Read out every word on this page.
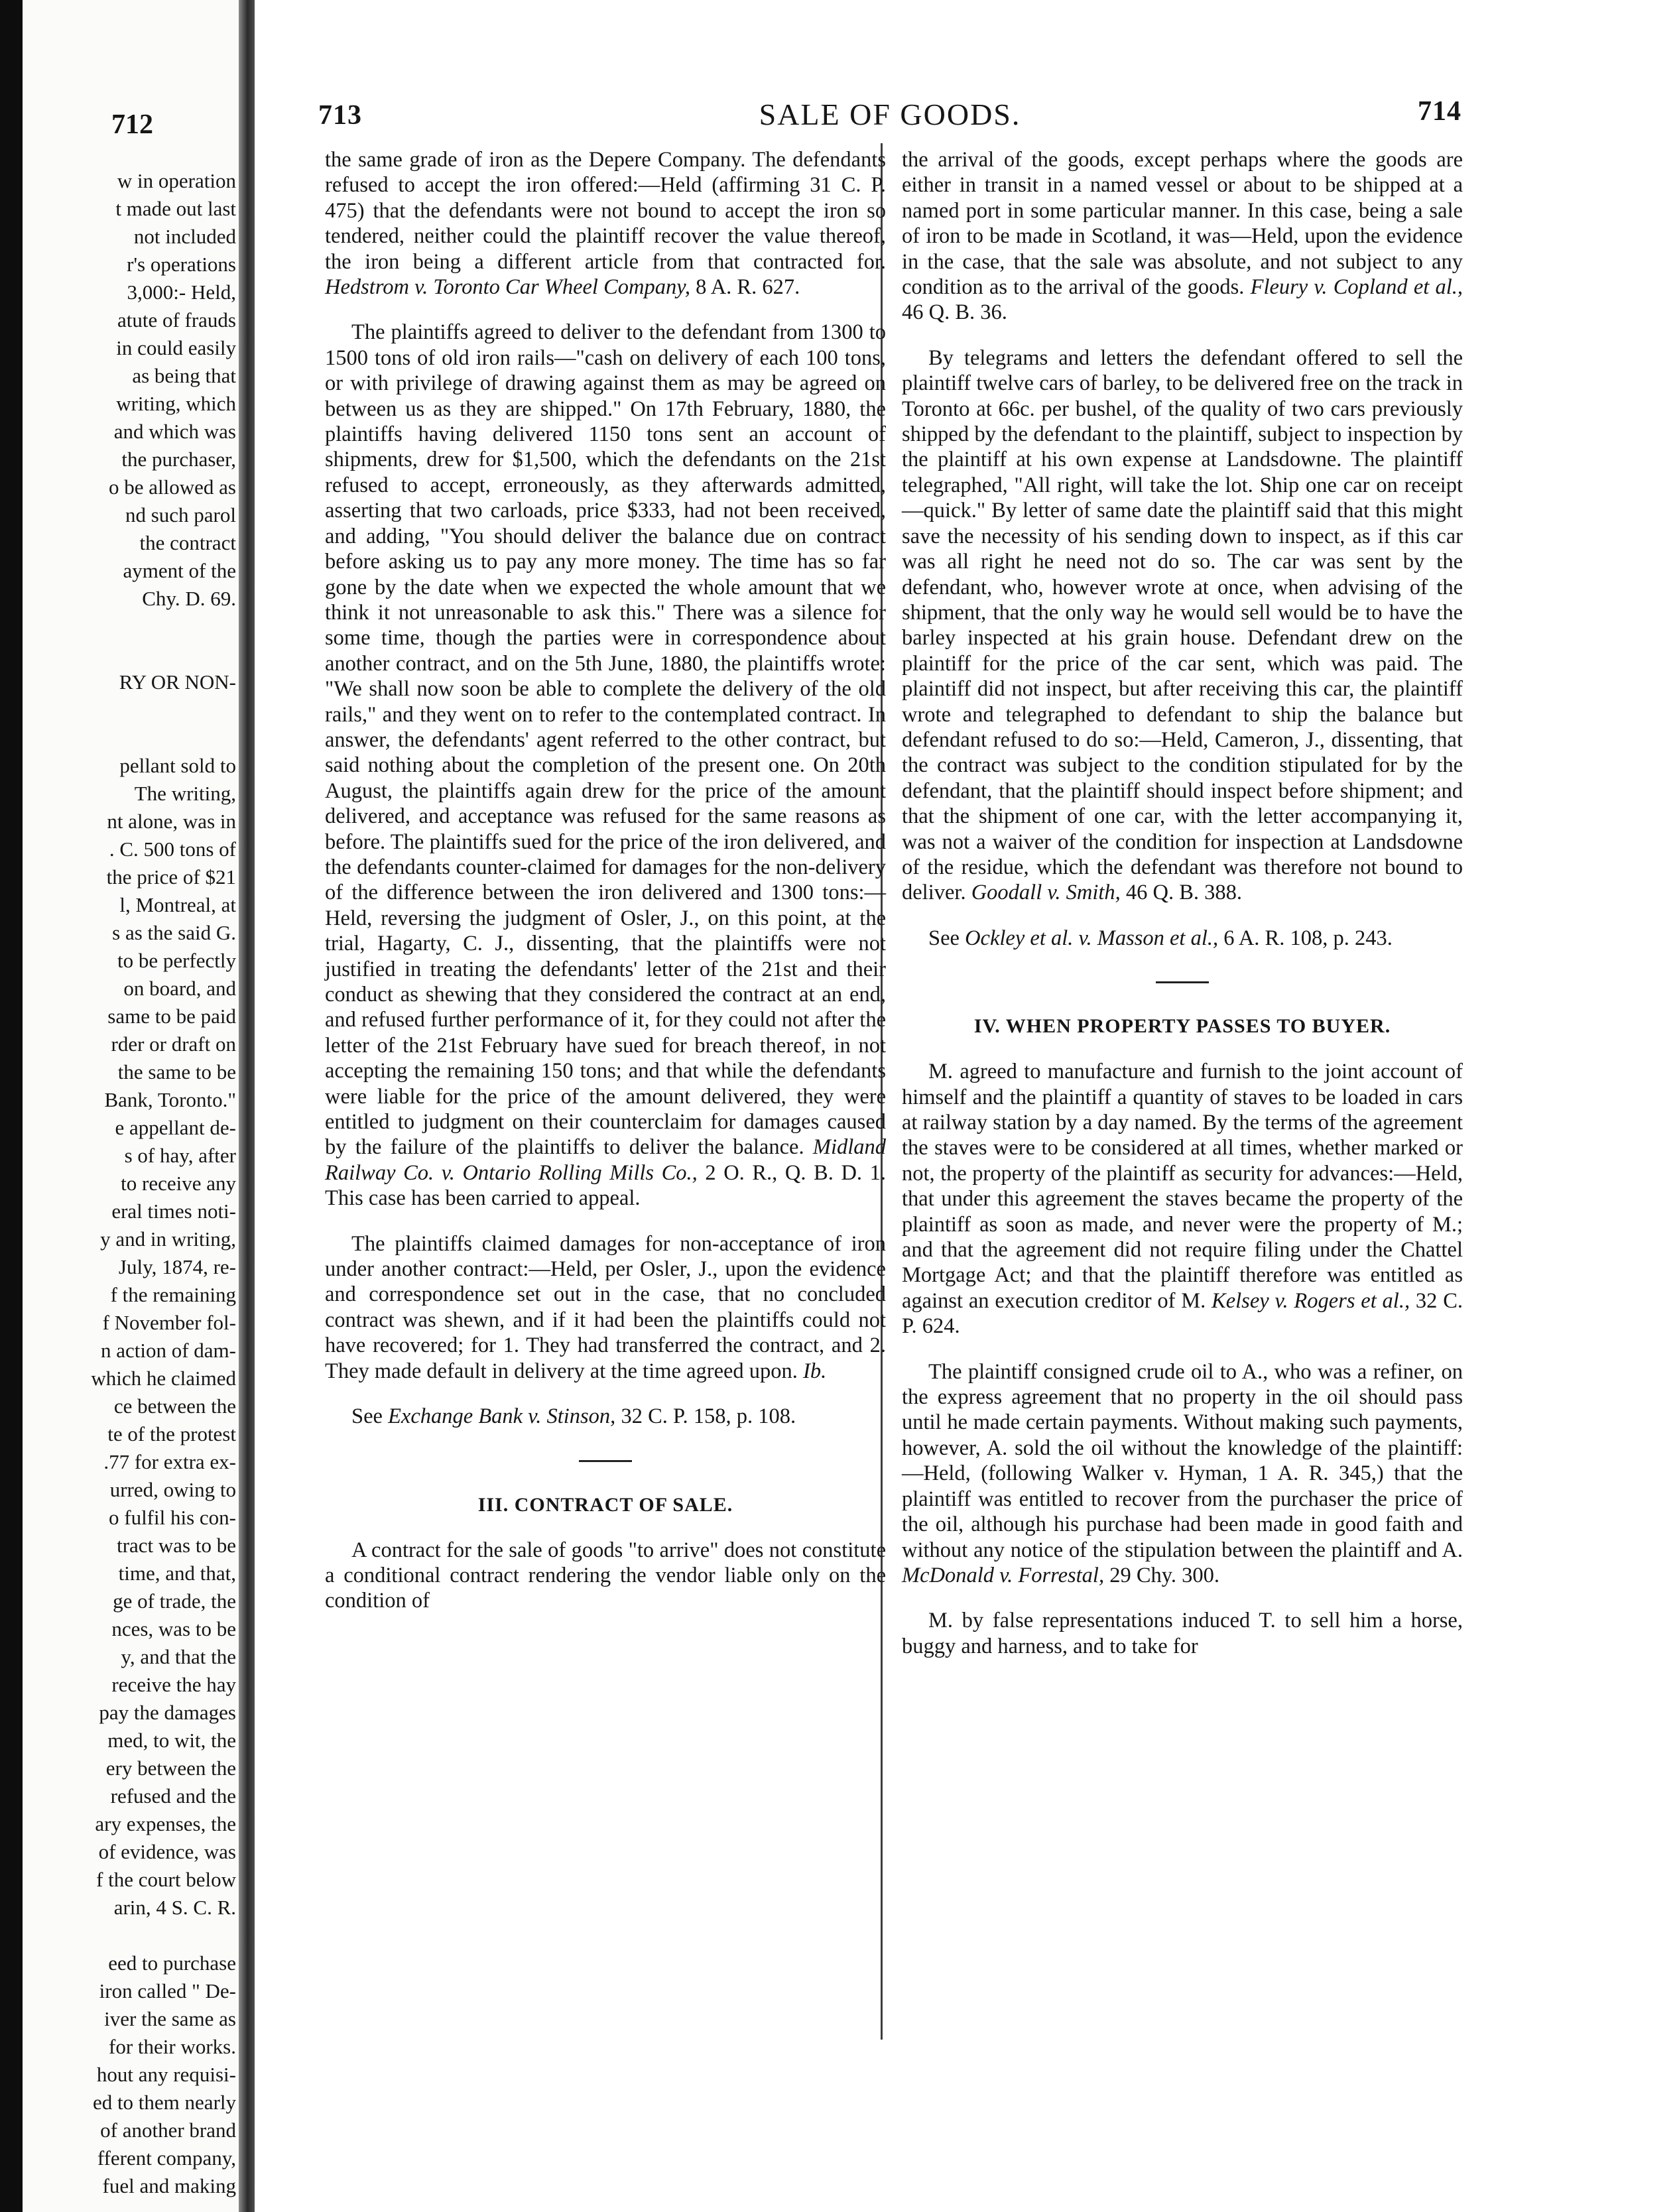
712
w in operation
t made out last
not included
r's operations
3,000:- Held,
atute of frauds
in could easily
as being that
writing, which
and which was
the purchaser,
o be allowed as
nd such parol
the contract
ayment of the
Chy. D. 69.
RY OR NON-
pellant sold to
The writing,
nt alone, was in
. C. 500 tons of
the price of $21
l, Montreal, at
s as the said G.
to be perfectly
on board, and
same to be paid
rder or draft on
the same to be
Bank, Toronto."
e appellant de-
s of hay, after
to receive any
eral times noti-
y and in writing,
July, 1874, re-
f the remaining
f November fol-
n action of dam-
which he claimed
ce between the
te of the protest
.77 for extra ex-
urred, owing to
o fulfil his con-
tract was to be
time, and that,
ge of trade, the
nces, was to be
y, and that the
receive the hay
pay the damages
med, to wit, the
ery between the
refused and the
ary expenses, the
of evidence, was
f the court below
arin, 4 S. C. R.
eed to purchase
iron called " De-
iver the same as
for their works.
hout any requisi-
ed to them nearly
of another brand
fferent company,
fuel and making
713	SALE OF GOODS.	714

the same grade of iron as the Depere Company. The defendants refused to accept the iron offered:—Held (affirming 31 C. P. 475) that the defendants were not bound to accept the iron so tendered, neither could the plaintiff recover the value thereof, the iron being a different article from that contracted for. Hedstrom v. Toronto Car Wheel Company, 8 A. R. 627.

The plaintiffs agreed to deliver to the defendant from 1300 to 1500 tons of old iron rails—"cash on delivery of each 100 tons, or with privilege of drawing against them as may be agreed on between us as they are shipped." On 17th February, 1880, the plaintiffs having delivered 1150 tons sent an account of shipments, drew for $1,500, which the defendants on the 21st refused to accept, erroneously, as they afterwards admitted, asserting that two carloads, price $333, had not been received, and adding, "You should deliver the balance due on contract before asking us to pay any more money. The time has so far gone by the date when we expected the whole amount that we think it not unreasonable to ask this." There was a silence for some time, though the parties were in correspondence about another contract, and on the 5th June, 1880, the plaintiffs wrote: "We shall now soon be able to complete the delivery of the old rails," and they went on to refer to the contemplated contract. In answer, the defendants' agent referred to the other contract, but said nothing about the completion of the present one. On 20th August, the plaintiffs again drew for the price of the amount delivered, and acceptance was refused for the same reasons as before. The plaintiffs sued for the price of the iron delivered, and the defendants counter-claimed for damages for the non-delivery of the difference between the iron delivered and 1300 tons:—Held, reversing the judgment of Osler, J., on this point, at the trial, Hagarty, C. J., dissenting, that the plaintiffs were not justified in treating the defendants' letter of the 21st and their conduct as shewing that they considered the contract at an end, and refused further performance of it, for they could not after the letter of the 21st February have sued for breach thereof, in not accepting the remaining 150 tons; and that while the defendants were liable for the price of the amount delivered, they were entitled to judgment on their counterclaim for damages caused by the failure of the plaintiffs to deliver the balance. Midland Railway Co. v. Ontario Rolling Mills Co., 2 O. R., Q. B. D. 1. This case has been carried to appeal.

The plaintiffs claimed damages for non-acceptance of iron under another contract:—Held, per Osler, J., upon the evidence and correspondence set out in the case, that no concluded contract was shewn, and if it had been the plaintiffs could not have recovered; for 1. They had transferred the contract, and 2. They made default in delivery at the time agreed upon. Ib.

See Exchange Bank v. Stinson, 32 C. P. 158, p. 108.

III. CONTRACT OF SALE.

A contract for the sale of goods "to arrive" does not constitute a conditional contract rendering the vendor liable only on the condition of

the arrival of the goods, except perhaps where the goods are either in transit in a named vessel or about to be shipped at a named port in some particular manner. In this case, being a sale of iron to be made in Scotland, it was—Held, upon the evidence in the case, that the sale was absolute, and not subject to any condition as to the arrival of the goods. Fleury v. Copland et al., 46 Q. B. 36.

By telegrams and letters the defendant offered to sell the plaintiff twelve cars of barley, to be delivered free on the track in Toronto at 66c. per bushel, of the quality of two cars previously shipped by the defendant to the plaintiff, subject to inspection by the plaintiff at his own expense at Landsdowne. The plaintiff telegraphed, "All right, will take the lot. Ship one car on receipt—quick." By letter of same date the plaintiff said that this might save the necessity of his sending down to inspect, as if this car was all right he need not do so. The car was sent by the defendant, who, however wrote at once, when advising of the shipment, that the only way he would sell would be to have the barley inspected at his grain house. Defendant drew on the plaintiff for the price of the car sent, which was paid. The plaintiff did not inspect, but after receiving this car, the plaintiff wrote and telegraphed to defendant to ship the balance but defendant refused to do so:—Held, Cameron, J., dissenting, that the contract was subject to the condition stipulated for by the defendant, that the plaintiff should inspect before shipment; and that the shipment of one car, with the letter accompanying it, was not a waiver of the condition for inspection at Landsdowne of the residue, which the defendant was therefore not bound to deliver. Goodall v. Smith, 46 Q. B. 388.

See Ockley et al. v. Masson et al., 6 A. R. 108, p. 243.

IV. WHEN PROPERTY PASSES TO BUYER.

M. agreed to manufacture and furnish to the joint account of himself and the plaintiff a quantity of staves to be loaded in cars at railway station by a day named. By the terms of the agreement the staves were to be considered at all times, whether marked or not, the property of the plaintiff as security for advances:—Held, that under this agreement the staves became the property of the plaintiff as soon as made, and never were the property of M.; and that the agreement did not require filing under the Chattel Mortgage Act; and that the plaintiff therefore was entitled as against an execution creditor of M. Kelsey v. Rogers et al., 32 C. P. 624.

The plaintiff consigned crude oil to A., who was a refiner, on the express agreement that no property in the oil should pass until he made certain payments. Without making such payments, however, A. sold the oil without the knowledge of the plaintiff:—Held, (following Walker v. Hyman, 1 A. R. 345,) that the plaintiff was entitled to recover from the purchaser the price of the oil, although his purchase had been made in good faith and without any notice of the stipulation between the plaintiff and A. McDonald v. Forrestal, 29 Chy. 300.

M. by false representations induced T. to sell him a horse, buggy and harness, and to take for
